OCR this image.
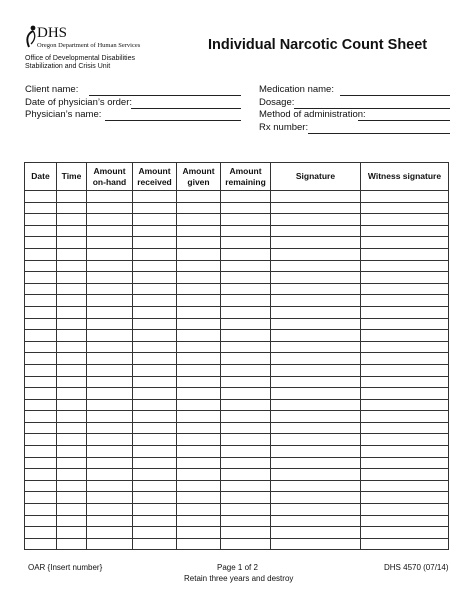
DHS
Oregon Department of Human Services
Office of Developmental Disabilities
Stabilization and Crisis Unit
Individual Narcotic Count Sheet
Client name:
Date of physician’s order:
Physician’s name:
Medication name:
Dosage:
Method of administration:
Rx number:
Date	Time	Amount on-hand	Amount received	Amount given	Amount remaining	Signature	Witness signature

OAR {Insert number}	Page 1 of 2
Retain three years and destroy
DHS 4570 (07/14)
